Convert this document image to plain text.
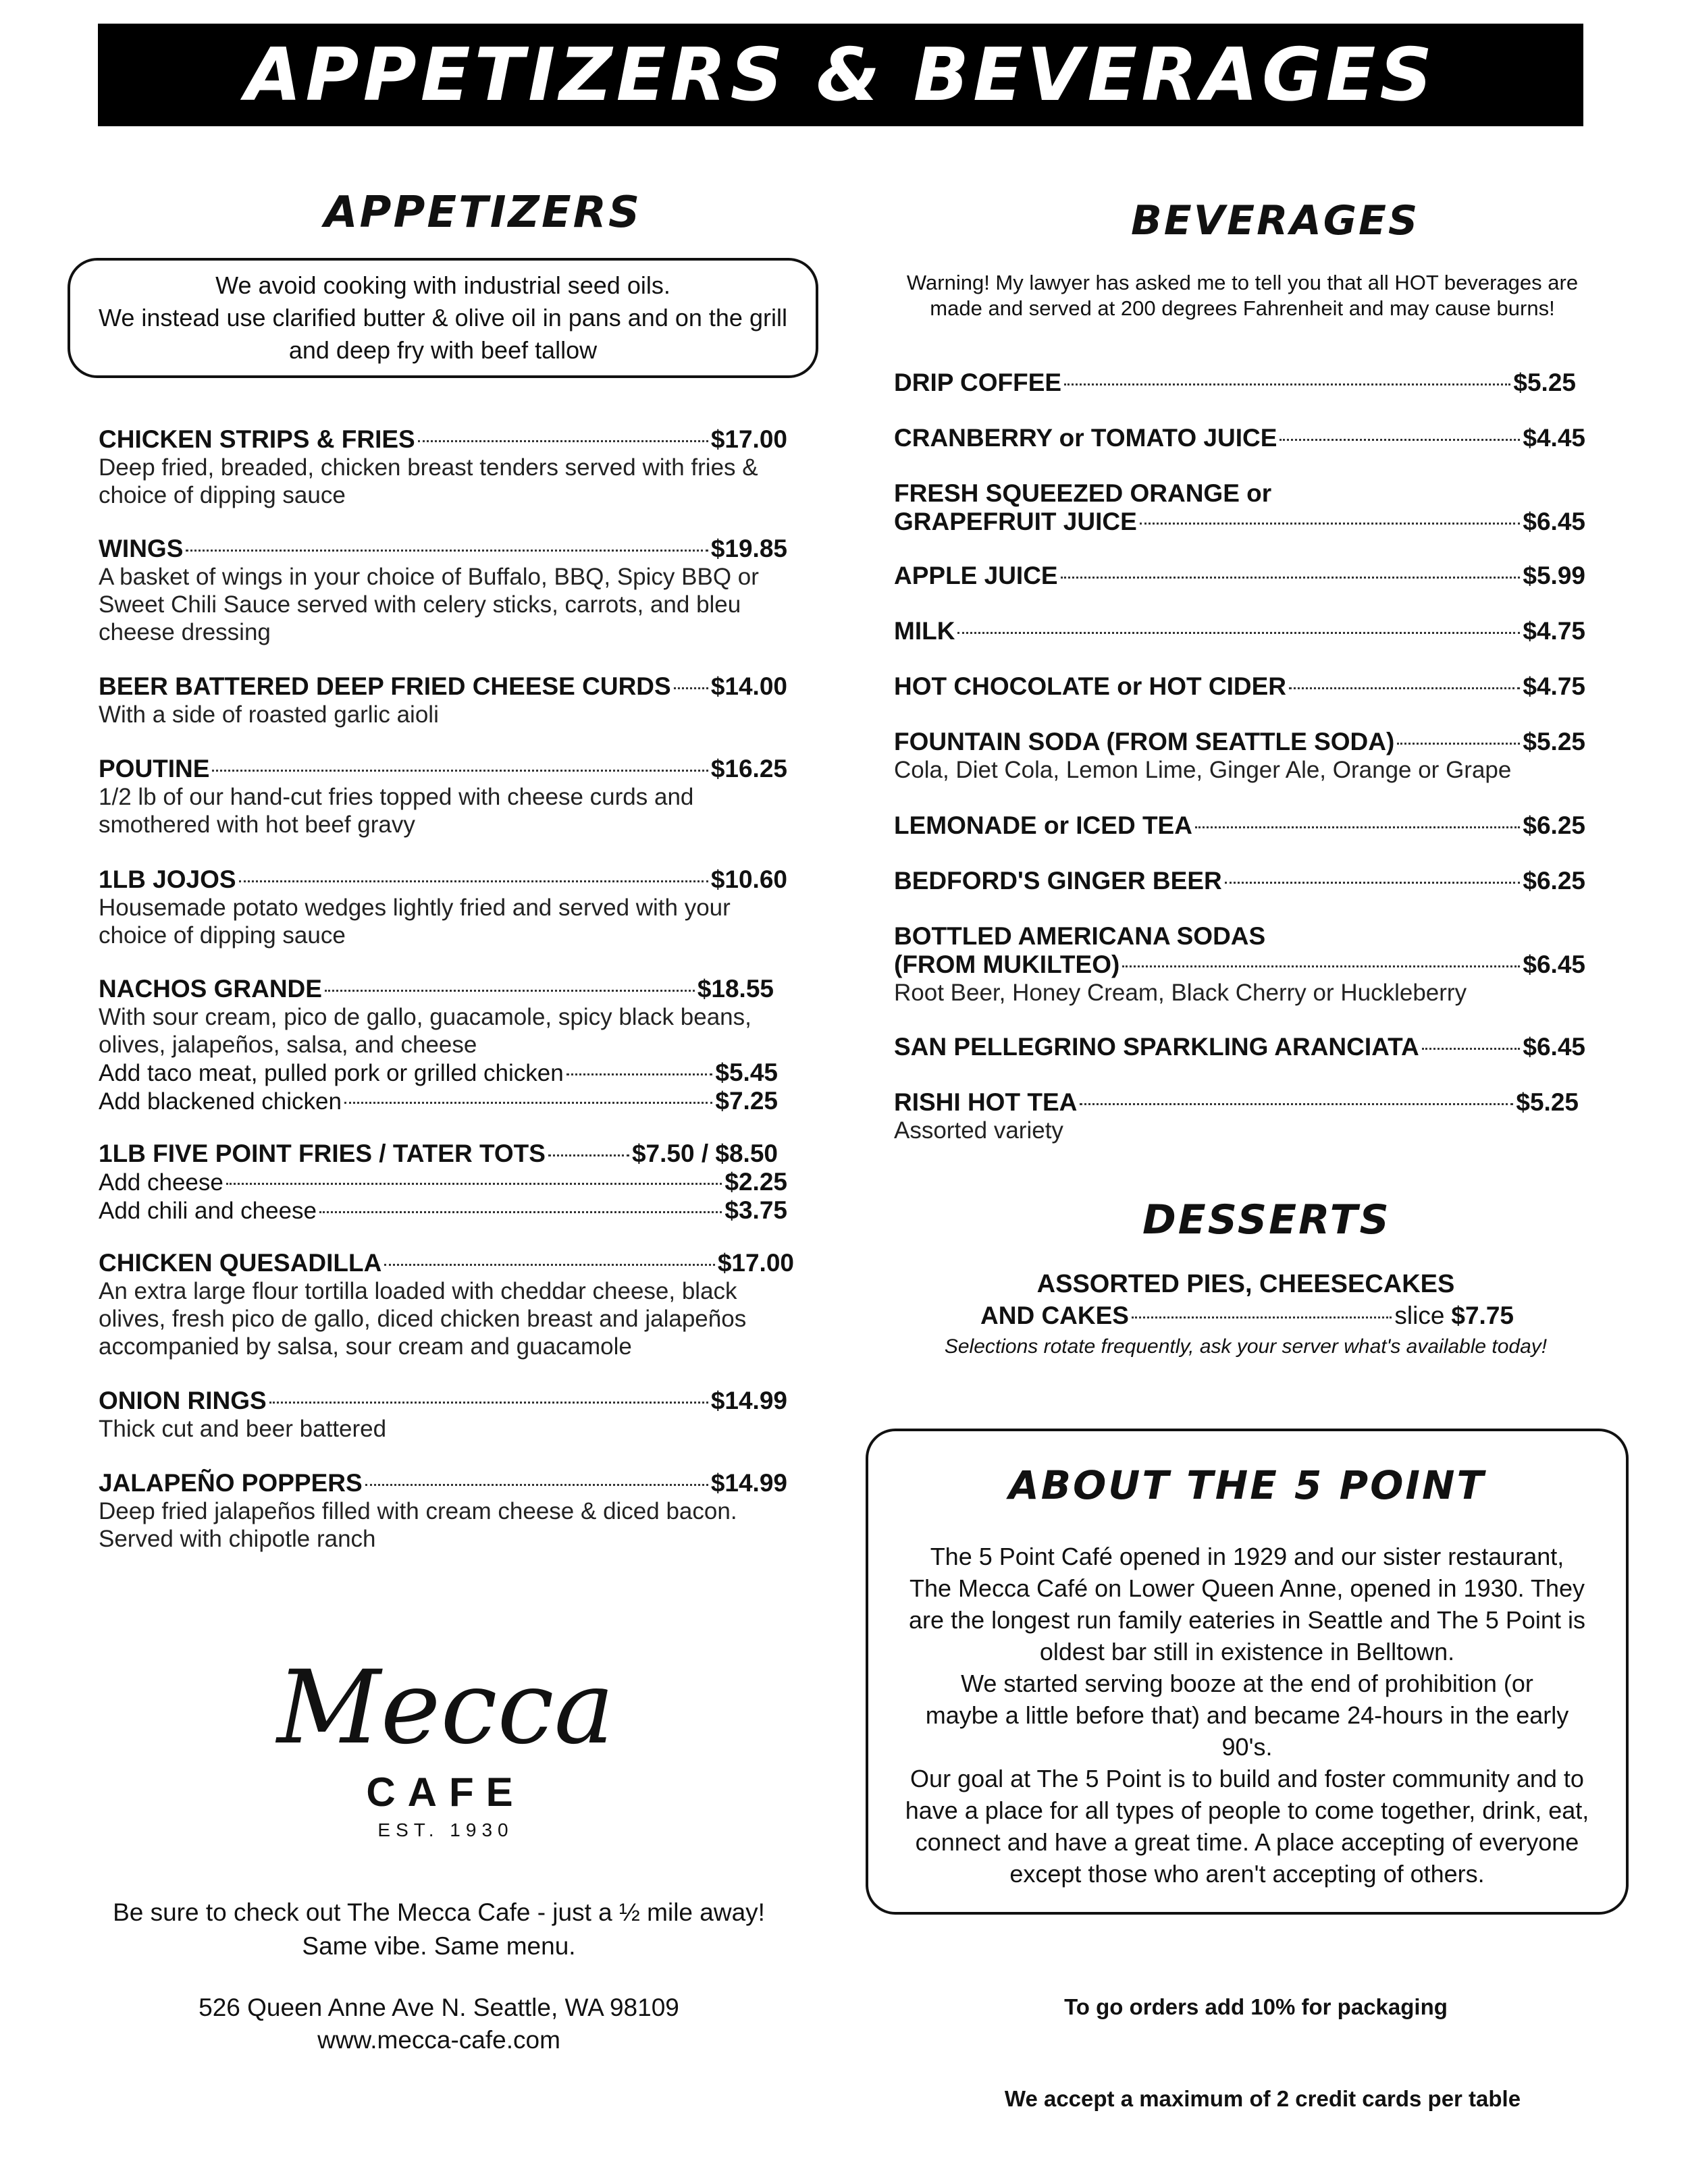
APPETIZERS & BEVERAGES
APPETIZERS
We avoid cooking with industrial seed oils.
We instead use clarified butter & olive oil in pans and on the grill
and deep fry with beef tallow
CHICKEN STRIPS & FRIES	$17.00
Deep fried, breaded, chicken breast tenders served with fries & choice of dipping sauce
WINGS	$19.85
A basket of wings in your choice of Buffalo, BBQ, Spicy BBQ or Sweet Chili Sauce served with celery sticks, carrots, and bleu cheese dressing
BEER BATTERED DEEP FRIED CHEESE CURDS $14.00
With a side of roasted garlic aioli
POUTINE	$16.25
1/2 lb of our hand-cut fries topped with cheese curds and smothered with hot beef gravy
1LB JOJOS	$10.60
Housemade potato wedges lightly fried and served with your choice of dipping sauce
NACHOS GRANDE	$18.55
With sour cream, pico de gallo, guacamole, spicy black beans, olives, jalapeños, salsa, and cheese
Add taco meat, pulled pork or grilled chicken	$5.45
Add blackened chicken	$7.25
1LB FIVE POINT FRIES / TATER TOTS	$7.50 / $8.50
Add cheese	$2.25
Add chili and cheese	$3.75
CHICKEN QUESADILLA	$17.00
An extra large flour tortilla loaded with cheddar cheese, black olives, fresh pico de gallo, diced chicken breast and jalapeños accompanied by salsa, sour cream and guacamole
ONION RINGS	$14.99
Thick cut and beer battered
JALAPEÑO POPPERS	$14.99
Deep fried jalapeños filled with cream cheese & diced bacon. Served with chipotle ranch
Mecca
CAFE
EST. 1930
Be sure to check out The Mecca Cafe - just a ½ mile away!
Same vibe. Same menu.
526 Queen Anne Ave N. Seattle, WA 98109
www.mecca-cafe.com
BEVERAGES
Warning! My lawyer has asked me to tell you that all HOT beverages are made and served at 200 degrees Fahrenheit and may cause burns!
DRIP COFFEE	$5.25
CRANBERRY or TOMATO JUICE	$4.45
FRESH SQUEEZED ORANGE or
GRAPEFRUIT JUICE	$6.45
APPLE JUICE	$5.99
MILK	$4.75
HOT CHOCOLATE or HOT CIDER	$4.75
FOUNTAIN SODA (FROM SEATTLE SODA)	$5.25
Cola, Diet Cola, Lemon Lime, Ginger Ale, Orange or Grape
LEMONADE or ICED TEA	$6.25
BEDFORD'S GINGER BEER	$6.25
BOTTLED AMERICANA SODAS
(FROM MUKILTEO)	$6.45
Root Beer, Honey Cream, Black Cherry or Huckleberry
SAN PELLEGRINO SPARKLING ARANCIATA	$6.45
RISHI HOT TEA	$5.25
Assorted variety
DESSERTS
ASSORTED PIES, CHEESECAKES
AND CAKES	slice $7.75
Selections rotate frequently, ask your server what's available today!
ABOUT THE 5 POINT
The 5 Point Café opened in 1929 and our sister restaurant,
The Mecca Café on Lower Queen Anne, opened in 1930. They
are the longest run family eateries in Seattle and The 5 Point is
oldest bar still in existence in Belltown.
We started serving booze at the end of prohibition (or
maybe a little before that) and became 24-hours in the early
90's.
Our goal at The 5 Point is to build and foster community and to
have a place for all types of people to come together, drink, eat,
connect and have a great time. A place accepting of everyone
except those who aren't accepting of others.
To go orders add 10% for packaging
We accept a maximum of 2 credit cards per table
